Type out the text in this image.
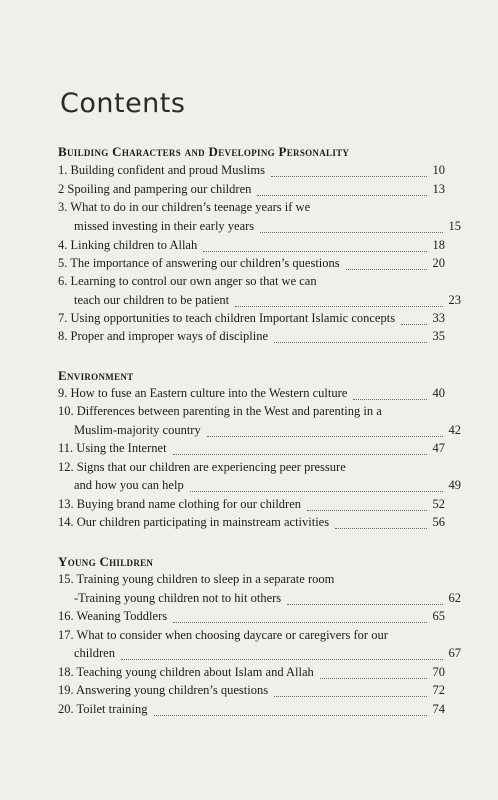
Contents
Building Characters and Developing Personality
1. Building confident and proud Muslims	10
2 Spoiling and pampering our children	13
3. What to do in our children’s teenage years if we
missed investing in their early years	15
4. Linking children to Allah	18
5. The importance of answering our children’s questions	20
6. Learning to control our own anger so that we can
teach our children to be patient	23
7. Using opportunities to teach children Important Islamic concepts	33
8. Proper and improper ways of discipline	35
Environment
9. How to fuse an Eastern culture into the Western culture	40
10. Differences between parenting in the West and parenting in a
Muslim-majority country	42
11. Using the Internet	47
12. Signs that our children are experiencing peer pressure
and how you can help	49
13. Buying brand name clothing for our children	52
14. Our children participating in mainstream activities	56
Young Children
15. Training young children to sleep in a separate room
-Training young children not to hit others	62
16. Weaning Toddlers	65
17. What to consider when choosing daycare or caregivers for our
children	67
18. Teaching young children about Islam and Allah	70
19. Answering young children’s questions	72
20. Toilet training	74
